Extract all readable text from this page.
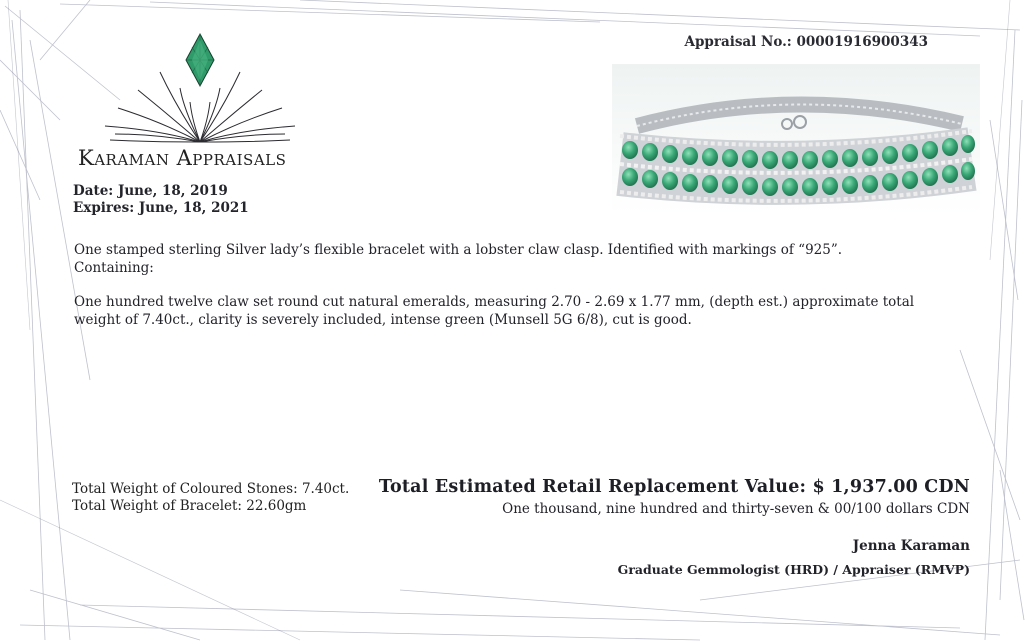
Karaman Appraisals
Date: June, 18, 2019
Expires: June, 18, 2021
Appraisal No.: 00001916900343

One stamped sterling Silver lady’s flexible bracelet with a lobster claw clasp. Identified with markings of “925”.

Containing:

One hundred twelve claw set round cut natural emeralds, measuring 2.70 - 2.69 x 1.77 mm, (depth est.) approximate total weight of 7.40ct., clarity is severely included, intense green (Munsell 5G 6/8), cut is good.

Total Weight of Coloured Stones: 7.40ct.
Total Weight of Bracelet: 22.60gm
Total Estimated Retail Replacement Value: $ 1,937.00 CDN
One thousand, nine hundred and thirty-seven & 00/100 dollars CDN
Jenna Karaman
Graduate Gemmologist (HRD) / Appraiser (RMVP)
